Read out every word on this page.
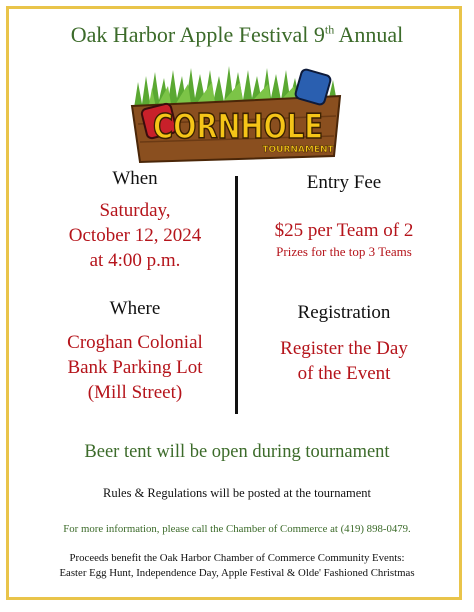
Oak Harbor Apple Festival 9th Annual
CORNHOLE
TOURNAMENT
When
Saturday,
October 12, 2024
at 4:00 p.m.
Entry Fee
$25 per Team of 2
Prizes for the top 3 Teams
Where
Croghan Colonial
Bank Parking Lot
(Mill Street)
Registration
Register the Day
of the Event
Beer tent will be open during tournament
Rules & Regulations will be posted at the tournament
For more information, please call the Chamber of Commerce at (419) 898-0479.
Proceeds benefit the Oak Harbor Chamber of Commerce Community Events:
Easter Egg Hunt, Independence Day, Apple Festival & Olde' Fashioned Christmas
